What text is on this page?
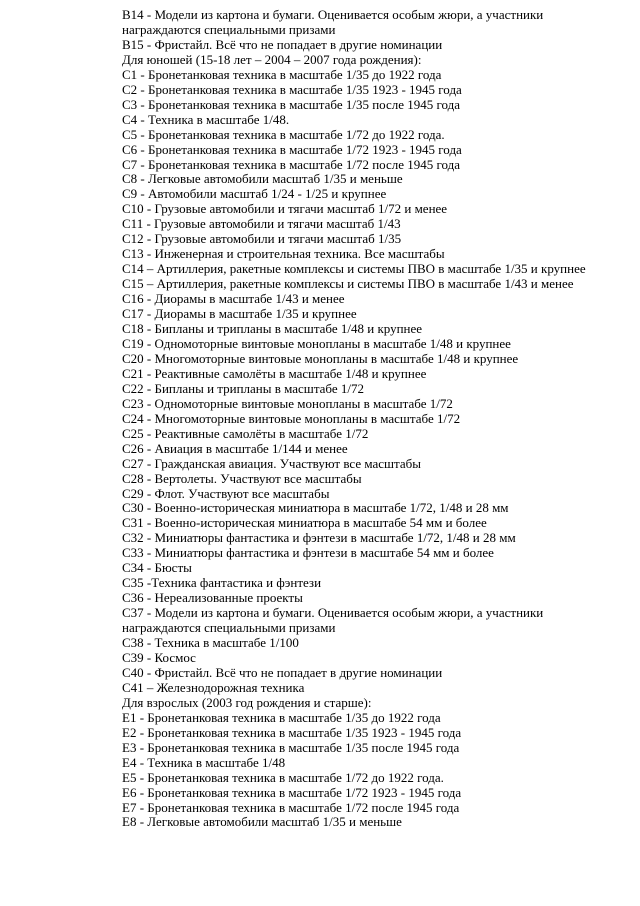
В14 - Модели из картона и бумаги. Оценивается особым жюри, а участники награждаются специальными призами

В15 - Фристайл. Всё что не попадает в другие номинации

Для юношей (15-18 лет – 2004 – 2007 года рождения):

С1 - Бронетанковая техника в масштабе 1/35 до 1922 года

С2 - Бронетанковая техника в масштабе 1/35 1923 - 1945 года

С3 - Бронетанковая техника в масштабе 1/35 после 1945 года

С4 - Техника в масштабе 1/48.

С5 - Бронетанковая техника в масштабе 1/72 до 1922 года.

С6 - Бронетанковая техника в масштабе 1/72 1923 - 1945 года

С7 - Бронетанковая техника в масштабе 1/72 после 1945 года

С8 - Легковые автомобили масштаб 1/35 и меньше

С9 - Автомобили масштаб 1/24 - 1/25 и крупнее

С10 - Грузовые автомобили и тягачи масштаб 1/72 и менее

С11 - Грузовые автомобили и тягачи масштаб 1/43

С12 - Грузовые автомобили и тягачи масштаб 1/35

С13 - Инженерная и строительная техника. Все масштабы

С14 – Артиллерия, ракетные комплексы и системы ПВО в масштабе 1/35 и крупнее

С15 – Артиллерия, ракетные комплексы и системы ПВО в масштабе 1/43 и менее

С16 - Диорамы в масштабе 1/43 и менее

С17 - Диорамы в масштабе 1/35 и крупнее

С18 - Бипланы и трипланы в масштабе 1/48 и крупнее

С19 - Одномоторные винтовые монопланы в масштабе 1/48 и крупнее

С20 - Многомоторные винтовые монопланы в масштабе 1/48 и крупнее

С21 - Реактивные самолёты в масштабе 1/48 и крупнее

С22 - Бипланы и трипланы в масштабе 1/72

С23 - Одномоторные винтовые монопланы в масштабе 1/72

С24 - Многомоторные винтовые монопланы в масштабе 1/72

С25 - Реактивные самолёты в масштабе 1/72

С26 - Авиация в масштабе 1/144 и менее

С27 - Гражданская авиация. Участвуют все масштабы

С28 - Вертолеты. Участвуют все масштабы

С29 - Флот. Участвуют все масштабы

С30 - Военно-историческая миниатюра в масштабе 1/72, 1/48 и 28 мм

С31 - Военно-историческая миниатюра в масштабе 54 мм и более

С32 - Миниатюры фантастика и фэнтези в масштабе 1/72, 1/48 и 28 мм

С33 - Миниатюры фантастика и фэнтези в масштабе 54 мм и более

С34 - Бюсты

С35 -Техника фантастика и фэнтези

С36 - Нереализованные проекты

С37 - Модели из картона и бумаги. Оценивается особым жюри, а участники награждаются специальными призами

С38 - Техника в масштабе 1/100

С39 - Космос

С40 - Фристайл. Всё что не попадает в другие номинации

С41 – Железнодорожная техника

Для взрослых (2003 год рождения и старше):

Е1 - Бронетанковая техника в масштабе 1/35 до 1922 года

Е2 - Бронетанковая техника в масштабе 1/35 1923 - 1945 года

Е3 - Бронетанковая техника в масштабе 1/35 после 1945 года

Е4 - Техника в масштабе 1/48

Е5 - Бронетанковая техника в масштабе 1/72 до 1922 года.

Е6 - Бронетанковая техника в масштабе 1/72 1923 - 1945 года

Е7 - Бронетанковая техника в масштабе 1/72 после 1945 года

Е8 - Легковые автомобили масштаб 1/35 и меньше
